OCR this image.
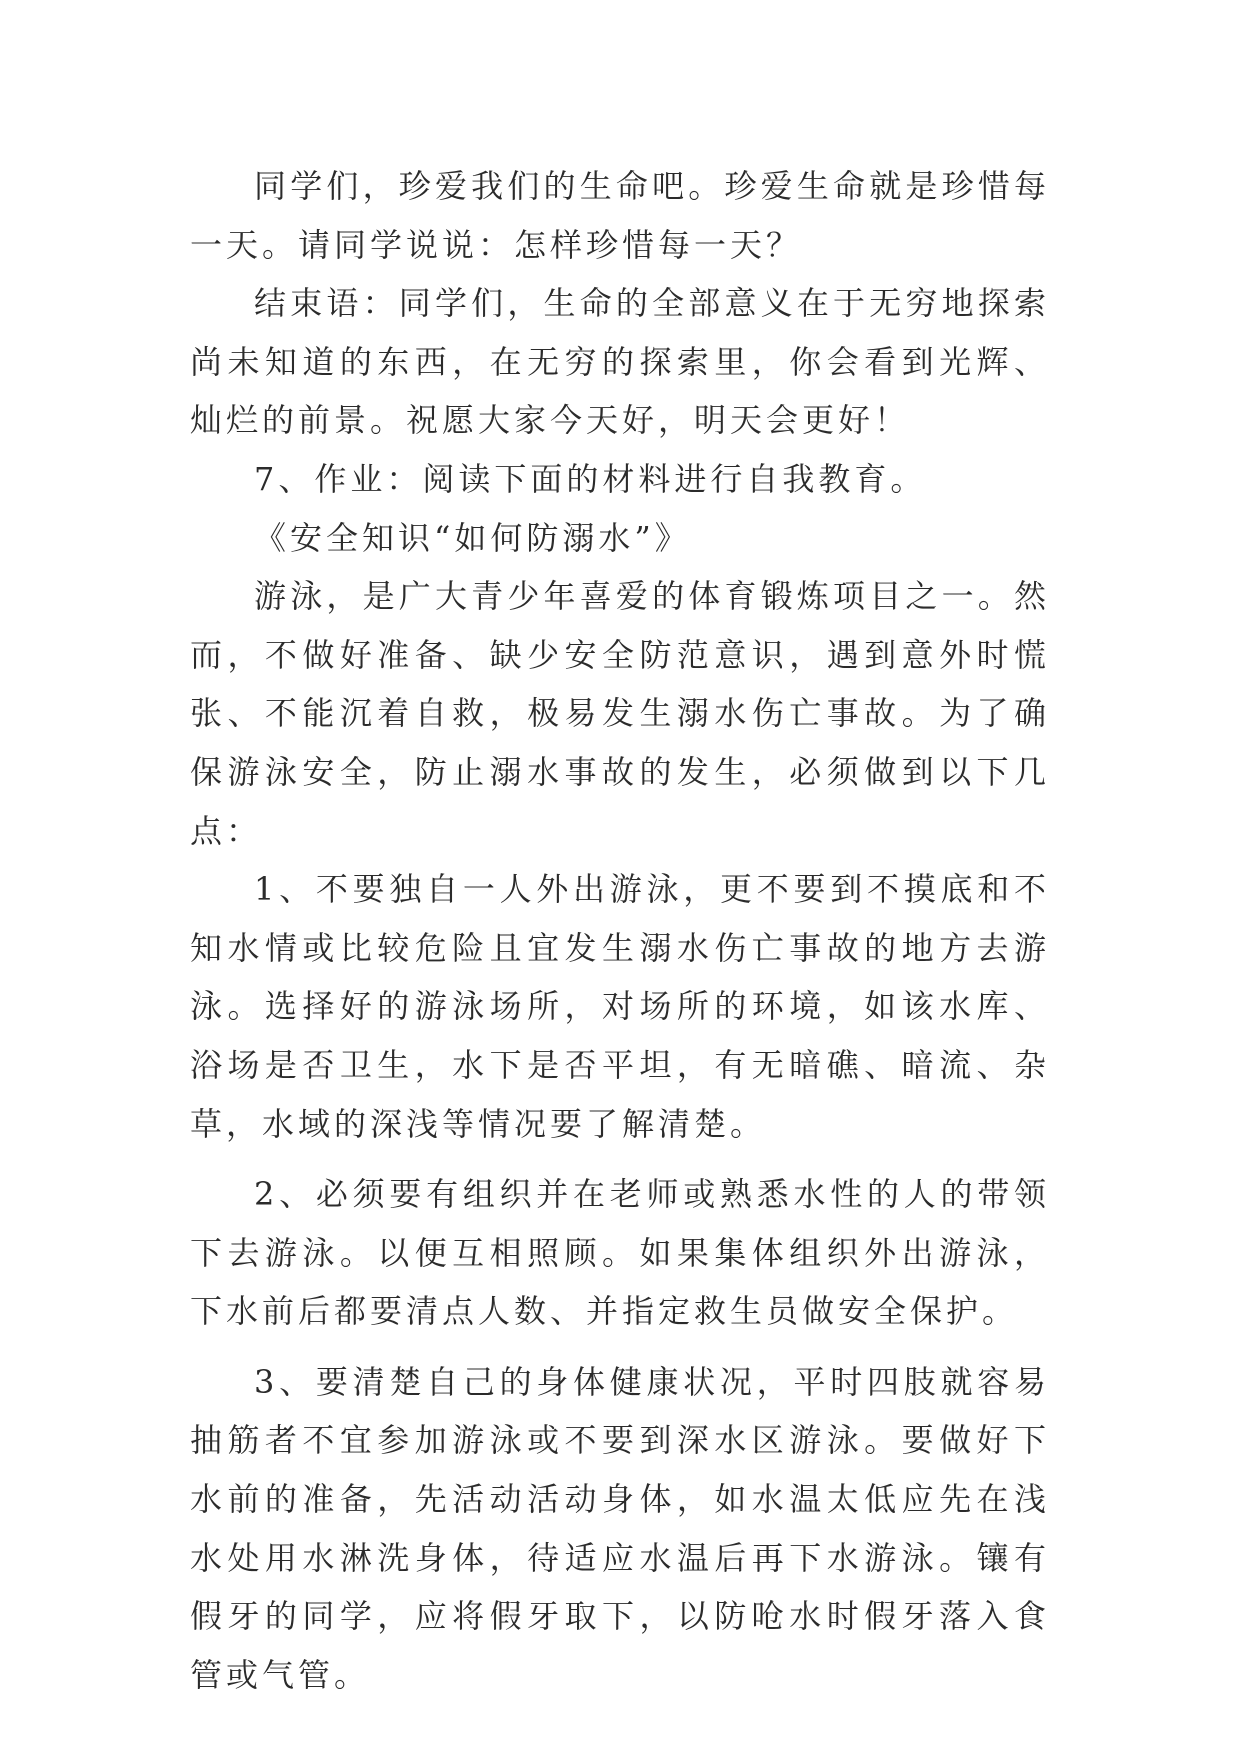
同学们，珍爱我们的生命吧。珍爱生命就是珍惜每一天。请同学说说：怎样珍惜每一天？

结束语：同学们，生命的全部意义在于无穷地探索尚未知道的东西，在无穷的探索里，你会看到光辉、灿烂的前景。祝愿大家今天好，明天会更好！

7、作业：阅读下面的材料进行自我教育。

《安全知识“如何防溺水”》

游泳，是广大青少年喜爱的体育锻炼项目之一。然而，不做好准备、缺少安全防范意识，遇到意外时慌张、不能沉着自救，极易发生溺水伤亡事故。为了确保游泳安全，防止溺水事故的发生，必须做到以下几点：

1、不要独自一人外出游泳，更不要到不摸底和不知水情或比较危险且宜发生溺水伤亡事故的地方去游泳。选择好的游泳场所，对场所的环境，如该水库、浴场是否卫生，水下是否平坦，有无暗礁、暗流、杂草，水域的深浅等情况要了解清楚。

2、必须要有组织并在老师或熟悉水性的人的带领下去游泳。以便互相照顾。如果集体组织外出游泳，下水前后都要清点人数、并指定救生员做安全保护。

3、要清楚自己的身体健康状况，平时四肢就容易抽筋者不宜参加游泳或不要到深水区游泳。要做好下水前的准备，先活动活动身体，如水温太低应先在浅水处用水淋洗身体，待适应水温后再下水游泳。镶有假牙的同学，应将假牙取下，以防呛水时假牙落入食管或气管。
